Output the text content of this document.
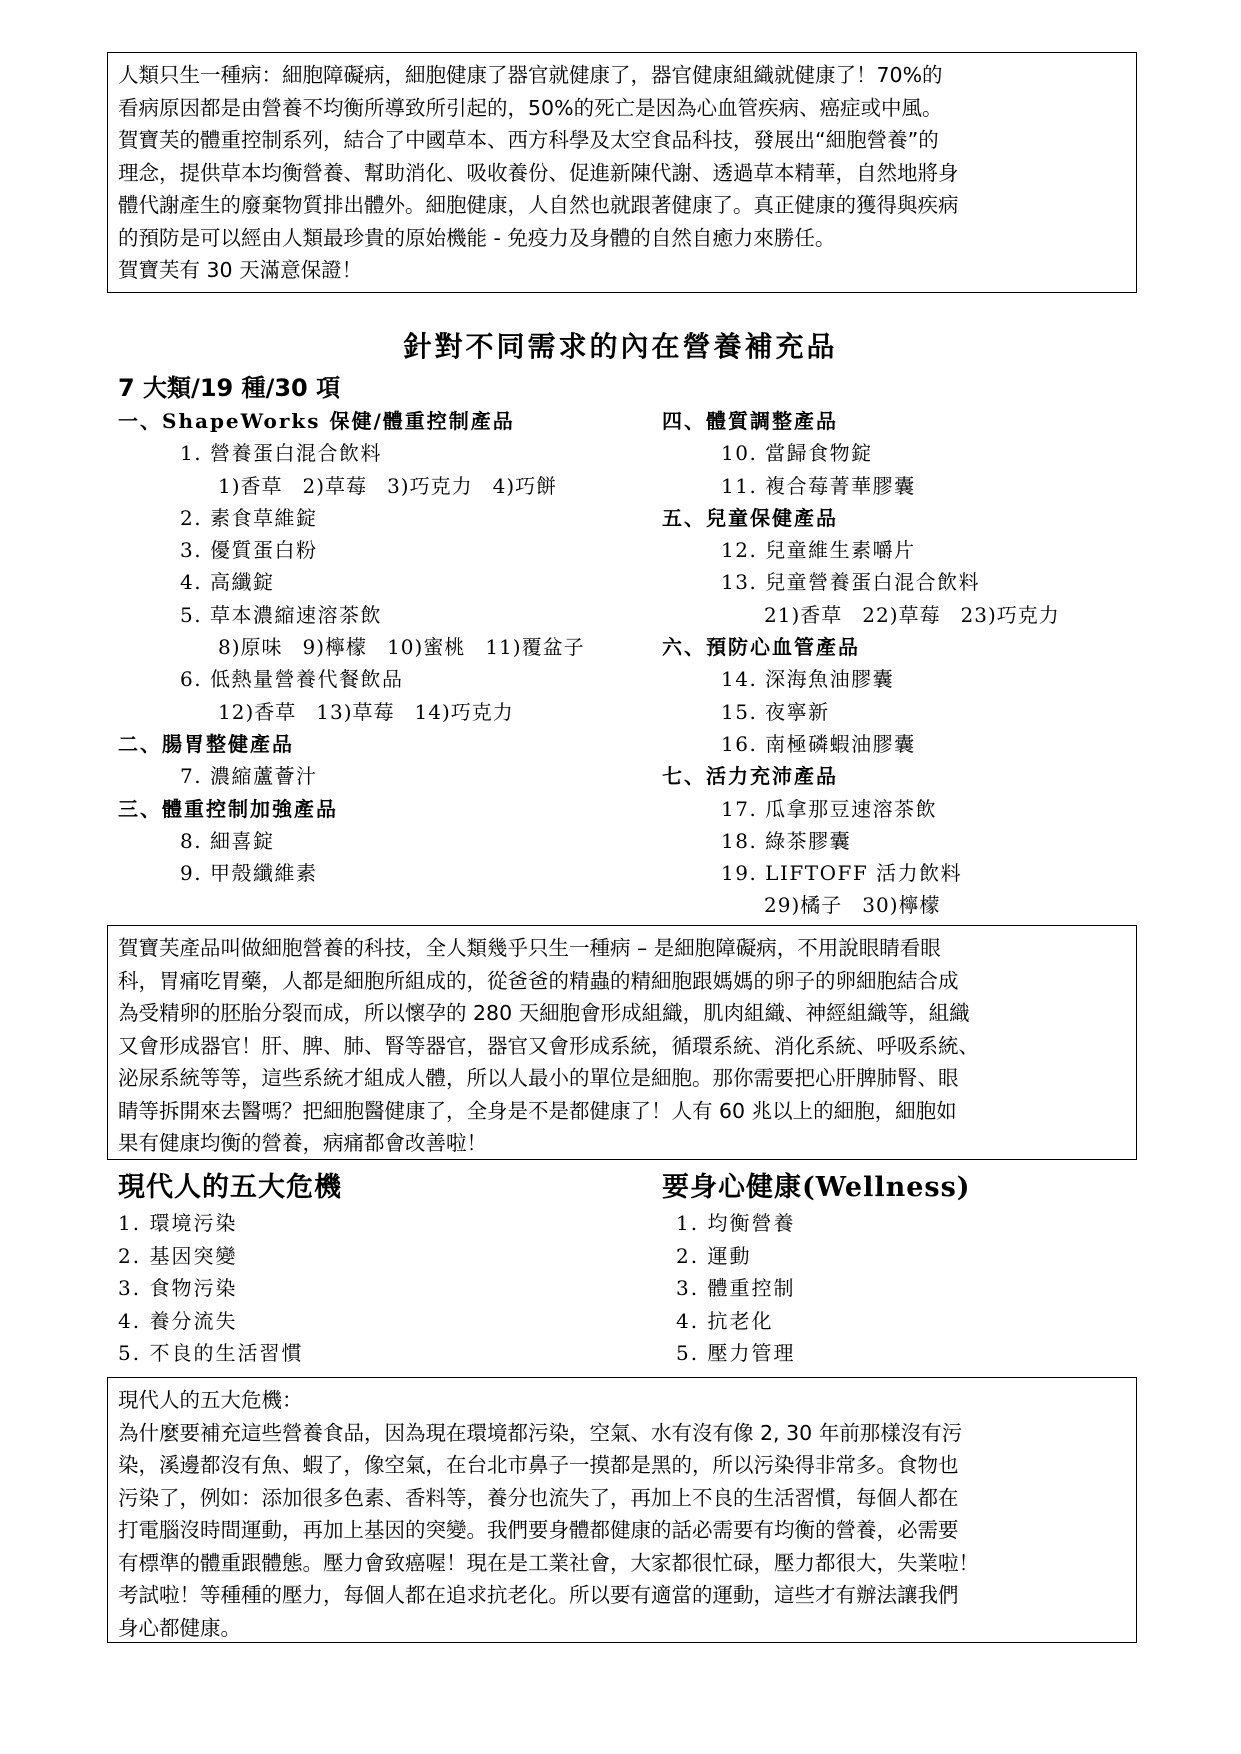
人類只生一種病：細胞障礙病，細胞健康了器官就健康了，器官健康組織就健康了！70%的

看病原因都是由營養不均衡所導致所引起的，50%的死亡是因為心血管疾病、癌症或中風。

賀寶芙的體重控制系列，結合了中國草本、西方科學及太空食品科技，發展出“細胞營養”的

理念，提供草本均衡營養、幫助消化、吸收養份、促進新陳代謝、透過草本精華，自然地將身

體代謝產生的廢棄物質排出體外。細胞健康，人自然也就跟著健康了。真正健康的獲得與疾病

的預防是可以經由人類最珍貴的原始機能 - 免疫力及身體的自然自癒力來勝任。

賀寶芙有 30 天滿意保證！

針對不同需求的內在營養補充品
7 大類/19 種/30 項
一、ShapeWorks 保健/體重控制產品
1. 營養蛋白混合飲料
1)香草 2)草莓 3)巧克力 4)巧餅
2. 素食草維錠
3. 優質蛋白粉
4. 高纖錠
5. 草本濃縮速溶茶飲
8)原味 9)檸檬 10)蜜桃 11)覆盆子
6. 低熱量營養代餐飲品
12)香草 13)草莓 14)巧克力
二、腸胃整健產品
7. 濃縮蘆薈汁
三、體重控制加強產品
8. 細喜錠
9. 甲殼纖維素
四、體質調整產品
10. 當歸食物錠
11. 複合莓菁華膠囊
五、兒童保健產品
12. 兒童維生素嚼片
13. 兒童營養蛋白混合飲料
21)香草 22)草莓 23)巧克力
六、預防心血管產品
14. 深海魚油膠囊
15. 夜寧新
16. 南極磷蝦油膠囊
七、活力充沛產品
17. 瓜拿那豆速溶茶飲
18. 綠茶膠囊
19. LIFTOFF 活力飲料
29)橘子 30)檸檬

賀寶芙產品叫做細胞營養的科技，全人類幾乎只生一種病 – 是細胞障礙病，不用說眼睛看眼

科，胃痛吃胃藥，人都是細胞所組成的，從爸爸的精蟲的精細胞跟媽媽的卵子的卵細胞結合成

為受精卵的胚胎分裂而成，所以懷孕的 280 天細胞會形成組織，肌肉組織、神經組織等，組織

又會形成器官！肝、脾、肺、腎等器官，器官又會形成系統，循環系統、消化系統、呼吸系統、

泌尿系統等等，這些系統才組成人體，所以人最小的單位是細胞。那你需要把心肝脾肺腎、眼

睛等拆開來去醫嗎？把細胞醫健康了，全身是不是都健康了！人有 60 兆以上的細胞，細胞如

果有健康均衡的營養，病痛都會改善啦！

現代人的五大危機	要身心健康(Wellness)
1. 環境污染
2. 基因突變
3. 食物污染
4. 養分流失
5. 不良的生活習慣
1. 均衡營養
2. 運動
3. 體重控制
4. 抗老化
5. 壓力管理

現代人的五大危機：

為什麼要補充這些營養食品，因為現在環境都污染，空氣、水有沒有像 2, 30 年前那樣沒有污

染，溪邊都沒有魚、蝦了，像空氣，在台北市鼻子一摸都是黑的，所以污染得非常多。食物也

污染了，例如：添加很多色素、香料等，養分也流失了，再加上不良的生活習慣，每個人都在

打電腦沒時間運動，再加上基因的突變。我們要身體都健康的話必需要有均衡的營養，必需要

有標準的體重跟體態。壓力會致癌喔！現在是工業社會，大家都很忙碌，壓力都很大，失業啦！

考試啦！等種種的壓力，每個人都在追求抗老化。所以要有適當的運動，這些才有辦法讓我們

身心都健康。
